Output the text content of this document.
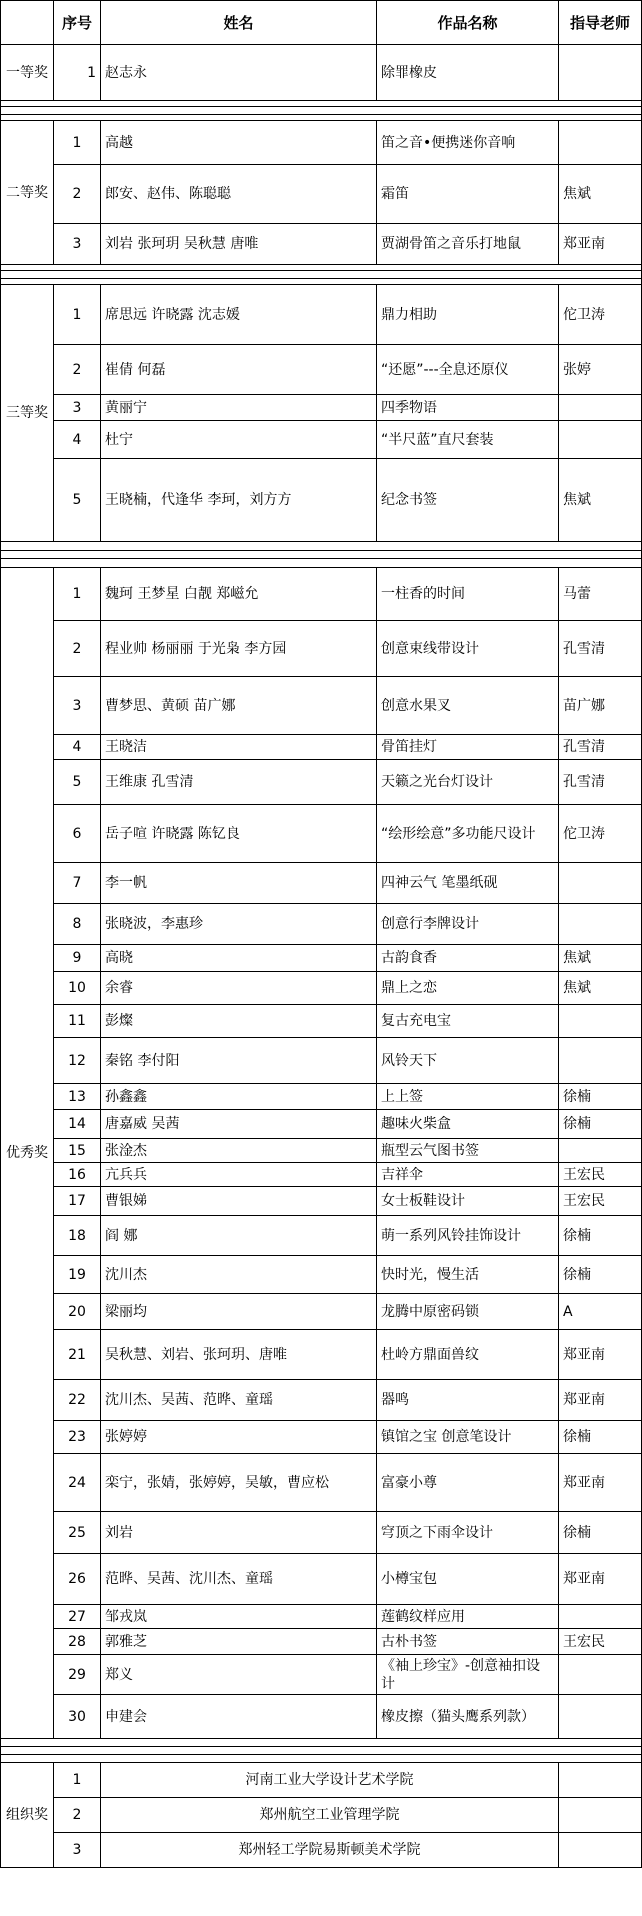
	序号	姓名	作品名称	指导老师
一等奖	1	赵志永	除罪橡皮	

二等奖	1	高越	笛之音•便携迷你音响	
	2	郎安、赵伟、陈聪聪	霜笛	焦斌
	3	刘岩 张珂玥 吴秋慧 唐唯	贾湖骨笛之音乐打地鼠	郑亚南

三等奖	1	席思远 许晓露 沈志媛	鼎力相助	佗卫涛
	2	崔倩 何磊	“还愿”---全息还原仪	张婷
	3	黄丽宁	四季物语	
	4	杜宁	“半尺蓝”直尺套装	
	5	王晓楠，代逢华 李珂，刘方方	纪念书签	焦斌

优秀奖	1	魏珂 王梦星 白靓 郑嵫允	一柱香的时间	马蕾
	2	程业帅 杨丽丽 于光枭 李方园	创意束线带设计	孔雪清
	3	曹梦思、黄硕 苗广娜	创意水果叉	苗广娜
	4	王晓洁	骨笛挂灯	孔雪清
	5	王维康 孔雪清	天籁之光台灯设计	孔雪清
	6	岳子喧 许晓露 陈钇良	“绘形绘意”多功能尺设计	佗卫涛
	7	李一帆	四神云气 笔墨纸砚	
	8	张晓波，李惠珍	创意行李牌设计	
	9	高晓	古韵食香	焦斌
	10	余睿	鼎上之恋	焦斌
	11	彭燦	复古充电宝	
	12	秦铭 李付阳	风铃天下	
	13	孙鑫鑫	上上签	徐楠
	14	唐嘉威 吴茜	趣味火柴盒	徐楠
	15	张淦杰	瓶型云气图书签	
	16	亢兵兵	吉祥伞	王宏民
	17	曹银娣	女士板鞋设计	王宏民
	18	阎 娜	萌一系列风铃挂饰设计	徐楠
	19	沈川杰	快时光，慢生活	徐楠
	20	梁丽均	龙腾中原密码锁	A
	21	吴秋慧、刘岩、张珂玥、唐唯	杜岭方鼎面兽纹	郑亚南
	22	沈川杰、吴茜、范晔、童瑶	器鸣	郑亚南
	23	张婷婷	镇馆之宝 创意笔设计	徐楠
	24	栾宁，张婧，张婷婷，吴敏，曹应松	富豪小尊	郑亚南
	25	刘岩	穹顶之下雨伞设计	徐楠
	26	范晔、吴茜、沈川杰、童瑶	小樽宝包	郑亚南
	27	邹戎岚	莲鹤纹样应用	
	28	郭雅芝	古朴书签	王宏民
	29	郑义	《袖上珍宝》-创意袖扣设计	
	30	申建会	橡皮擦（猫头鹰系列款）	

组织奖	1	河南工业大学设计艺术学院		
	2	郑州航空工业管理学院		
	3	郑州轻工学院易斯顿美术学院		
